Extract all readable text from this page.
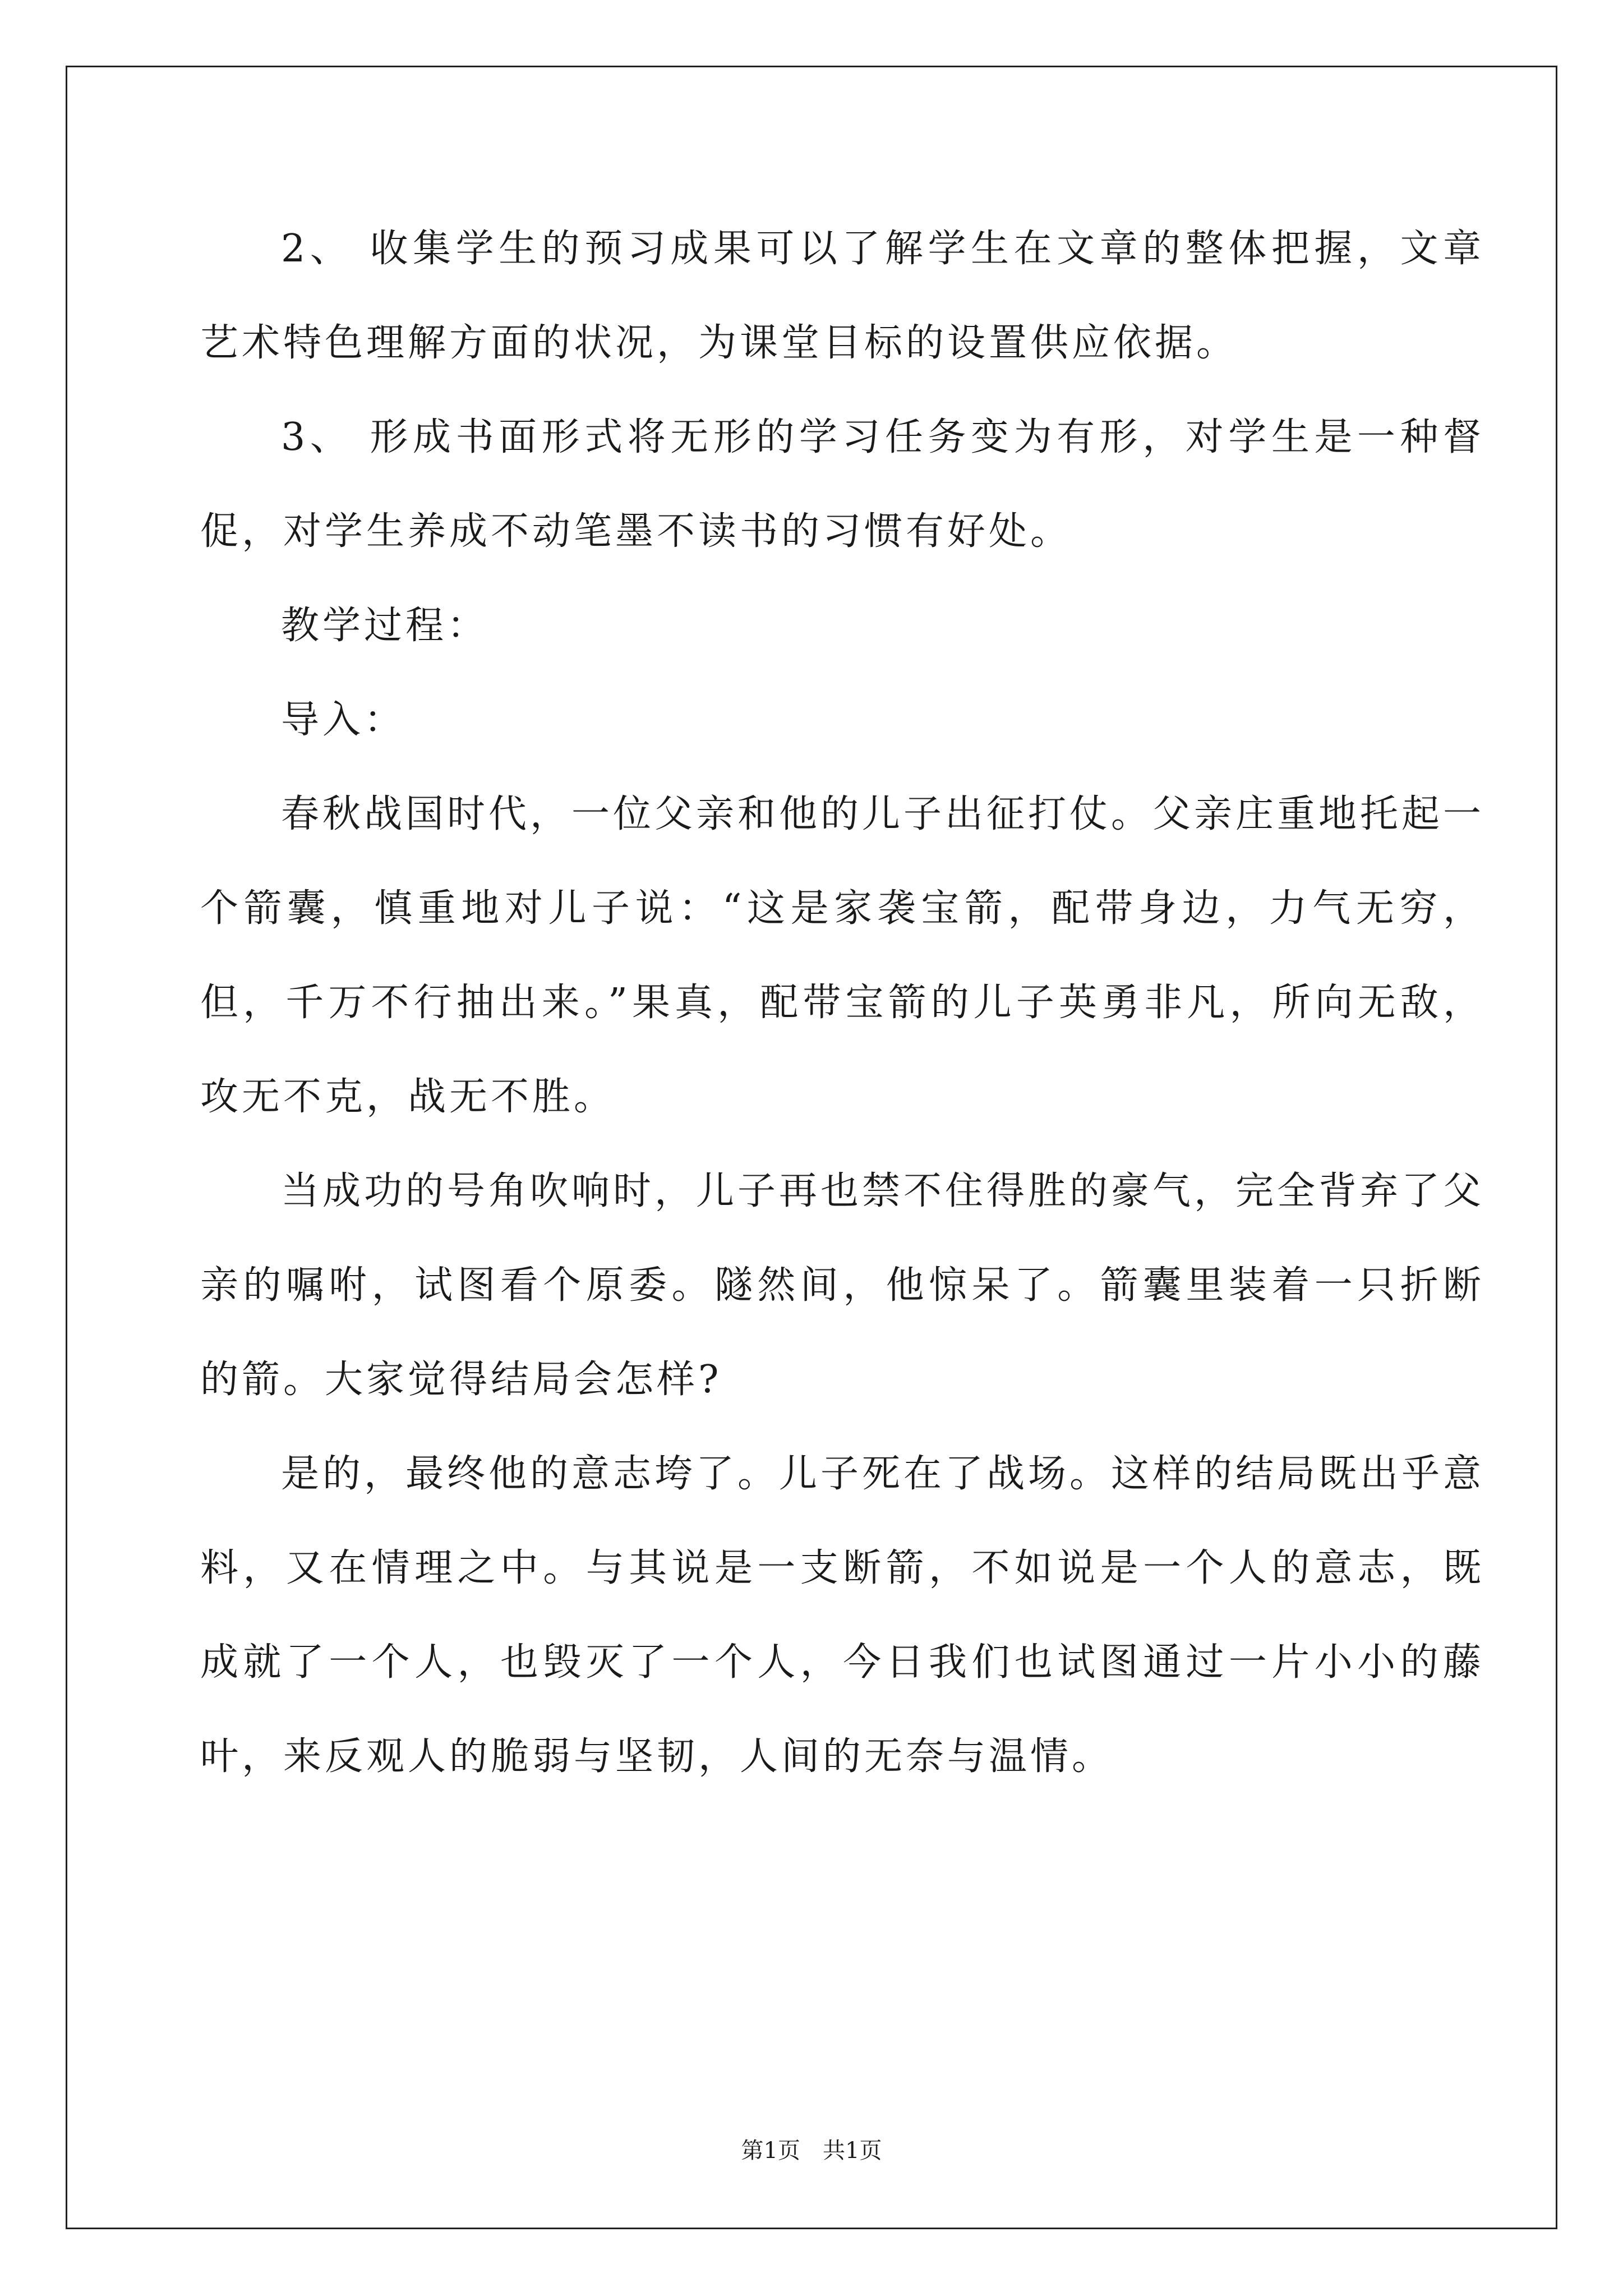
2、 收集学生的预习成果可以了解学生在文章的整体把握，文章艺术特色理解方面的状况，为课堂目标的设置供应依据。

3、 形成书面形式将无形的学习任务变为有形，对学生是一种督促，对学生养成不动笔墨不读书的习惯有好处。

教学过程：

导入：

春秋战国时代，一位父亲和他的儿子出征打仗。父亲庄重地托起一个箭囊，慎重地对儿子说：“这是家袭宝箭，配带身边，力气无穷，但，千万不行抽出来。”果真，配带宝箭的儿子英勇非凡，所向无敌，攻无不克，战无不胜。

当成功的号角吹响时，儿子再也禁不住得胜的豪气，完全背弃了父亲的嘱咐，试图看个原委。隧然间，他惊呆了。箭囊里装着一只折断的箭。大家觉得结局会怎样?

是的，最终他的意志垮了。儿子死在了战场。这样的结局既出乎意料，又在情理之中。与其说是一支断箭，不如说是一个人的意志，既成就了一个人，也毁灭了一个人，今日我们也试图通过一片小小的藤叶，来反观人的脆弱与坚韧，人间的无奈与温情。

第1页 共1页
